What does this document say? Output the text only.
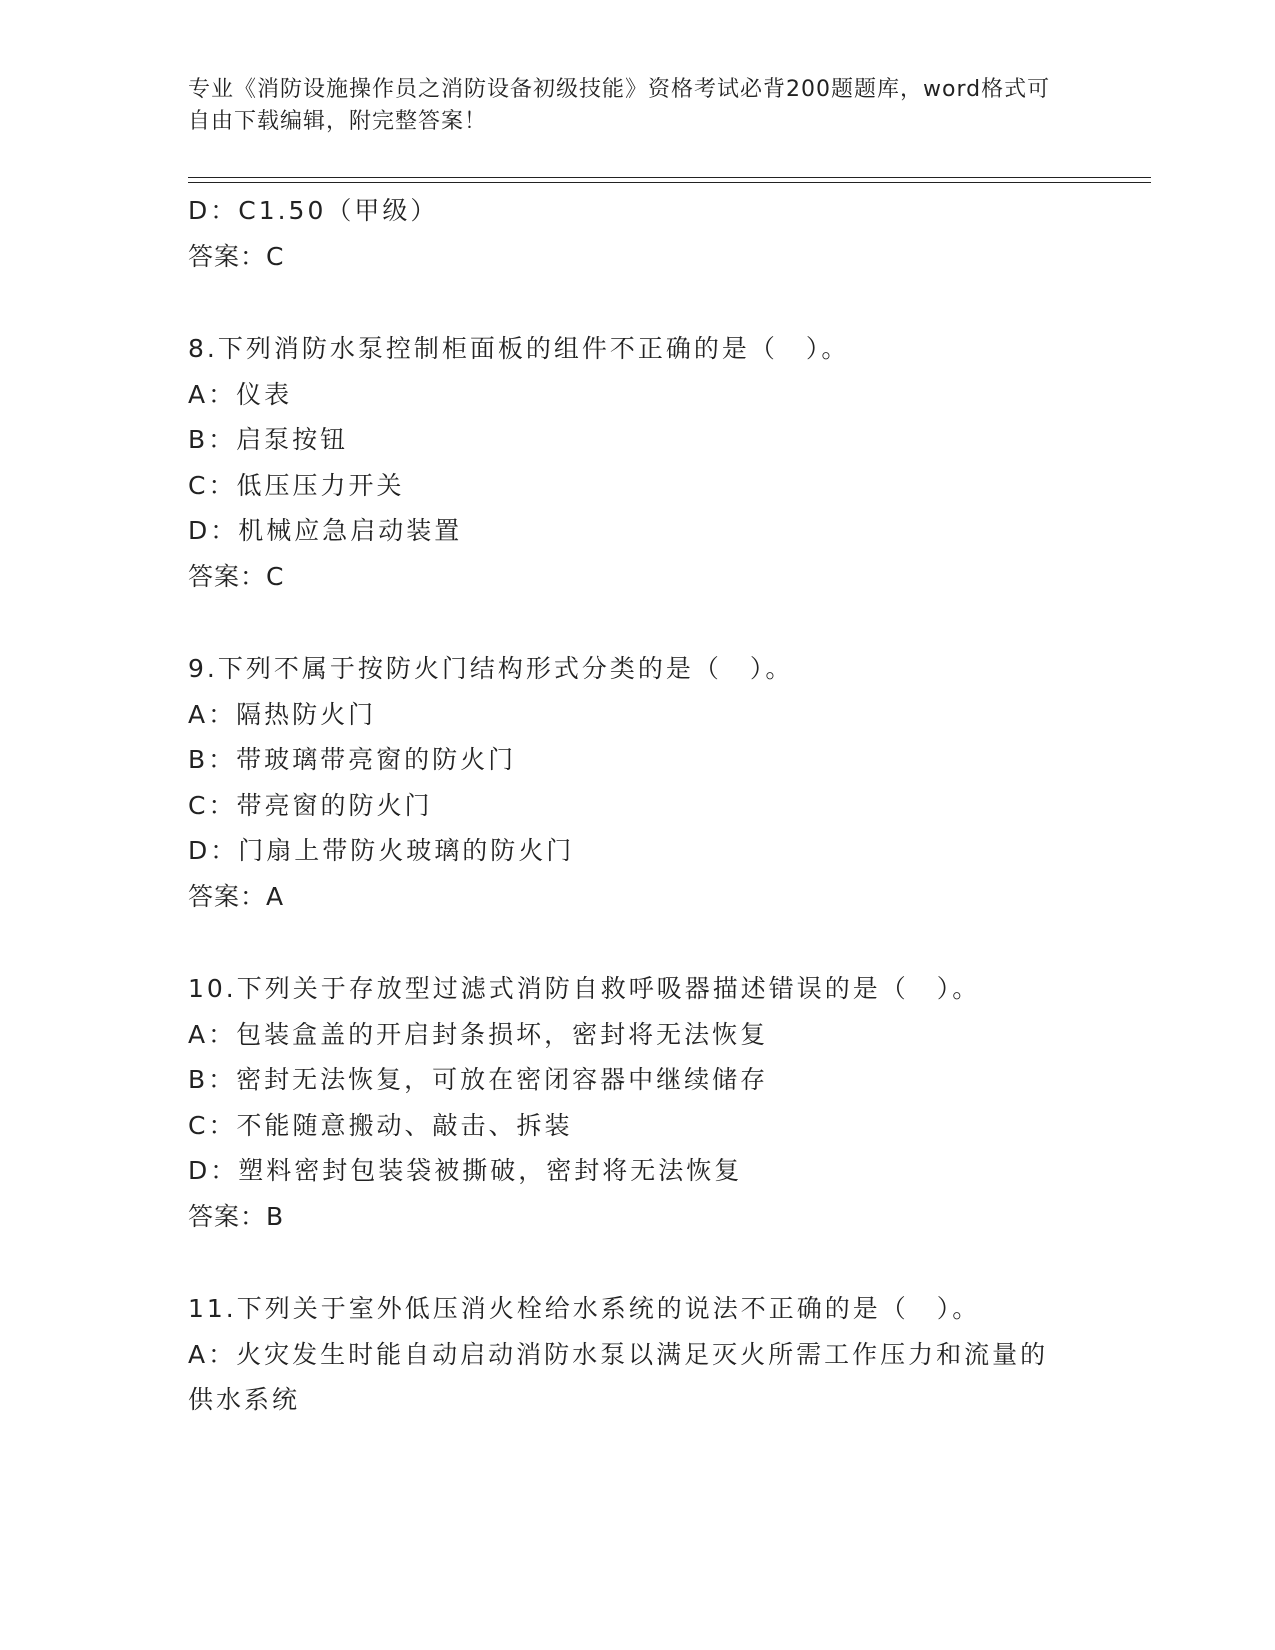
专业《消防设施操作员之消防设备初级技能》资格考试必背200题题库，word格式可自由下载编辑，附完整答案！
D：C1.50（甲级）
答案：C
8.下列消防水泵控制柜面板的组件不正确的是（　）。
A：仪表
B：启泵按钮
C：低压压力开关
D：机械应急启动装置
答案：C
9.下列不属于按防火门结构形式分类的是（　）。
A：隔热防火门
B：带玻璃带亮窗的防火门
C：带亮窗的防火门
D：门扇上带防火玻璃的防火门
答案：A
10.下列关于存放型过滤式消防自救呼吸器描述错误的是（　）。
A：包装盒盖的开启封条损坏，密封将无法恢复
B：密封无法恢复，可放在密闭容器中继续储存
C：不能随意搬动、敲击、拆装
D：塑料密封包装袋被撕破，密封将无法恢复
答案：B
11.下列关于室外低压消火栓给水系统的说法不正确的是（　）。
A：火灾发生时能自动启动消防水泵以满足灭火所需工作压力和流量的供水系统
